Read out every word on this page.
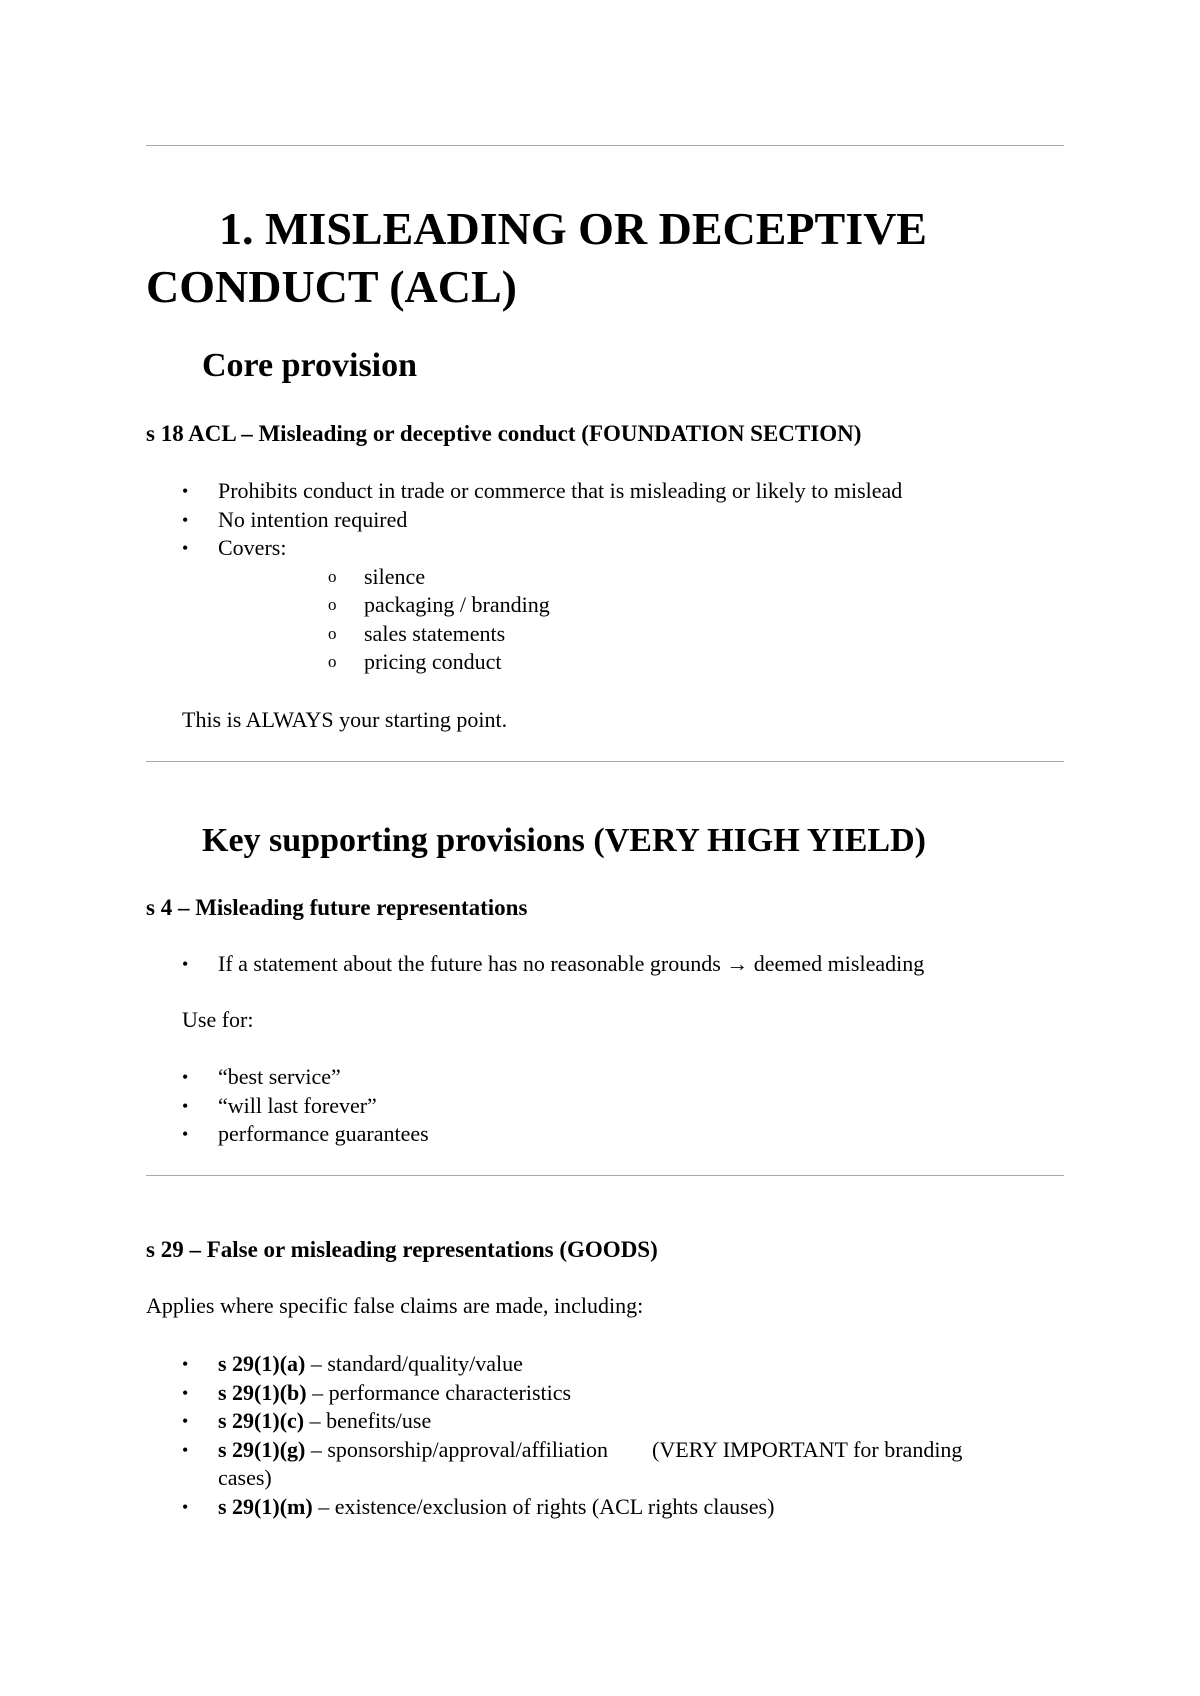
1. MISLEADING OR DECEPTIVE CONDUCT (ACL)
Core provision
s 18 ACL – Misleading or deceptive conduct (FOUNDATION SECTION)
• Prohibits conduct in trade or commerce that is misleading or likely to mislead
• No intention required
• Covers:
o silence
o packaging / branding
o sales statements
o pricing conduct

This is ALWAYS your starting point.

Key supporting provisions (VERY HIGH YIELD)
s 4 – Misleading future representations
• If a statement about the future has no reasonable grounds → deemed misleading

Use for:

• “best service”
• “will last forever”
• performance guarantees
s 29 – False or misleading representations (GOODS)

Applies where specific false claims are made, including:

• s 29(1)(a) – standard/quality/value
• s 29(1)(b) – performance characteristics
• s 29(1)(c) – benefits/use
• s 29(1)(g) – sponsorship/approval/affiliation        (VERY IMPORTANT for branding cases)
• s 29(1)(m) – existence/exclusion of rights (ACL rights clauses)
